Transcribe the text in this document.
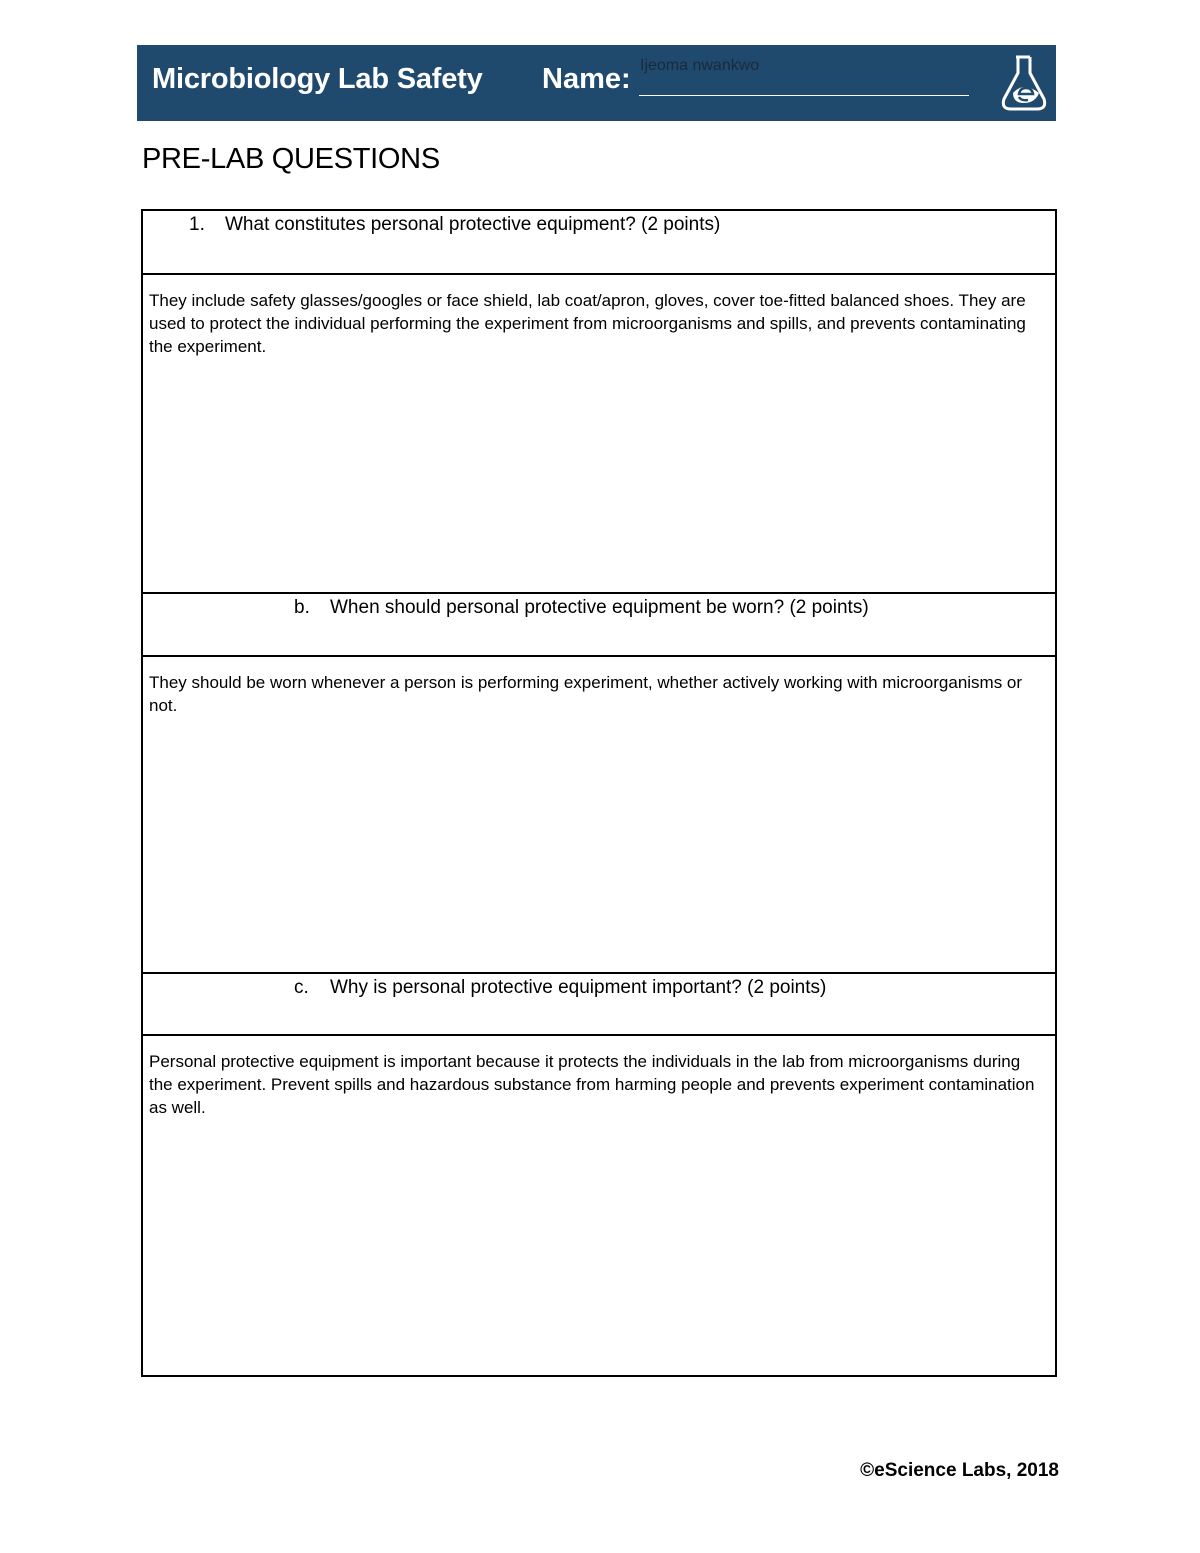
Microbiology Lab Safety Name: Ijeoma nwankwo
PRE-LAB QUESTIONS
1. What constitutes personal protective equipment? (2 points)
They include safety glasses/googles or face shield, lab coat/apron, gloves, cover toe-fitted balanced shoes. They are used to protect the individual performing the experiment from microorganisms and spills, and prevents contaminating the experiment.
b. When should personal protective equipment be worn? (2 points)
They should be worn whenever a person is performing experiment, whether actively working with microorganisms or not.
c. Why is personal protective equipment important? (2 points)
Personal protective equipment is important because it protects the individuals in the lab from microorganisms during the experiment. Prevent spills and hazardous substance from harming people and prevents experiment contamination as well.
©eScience Labs, 2018
